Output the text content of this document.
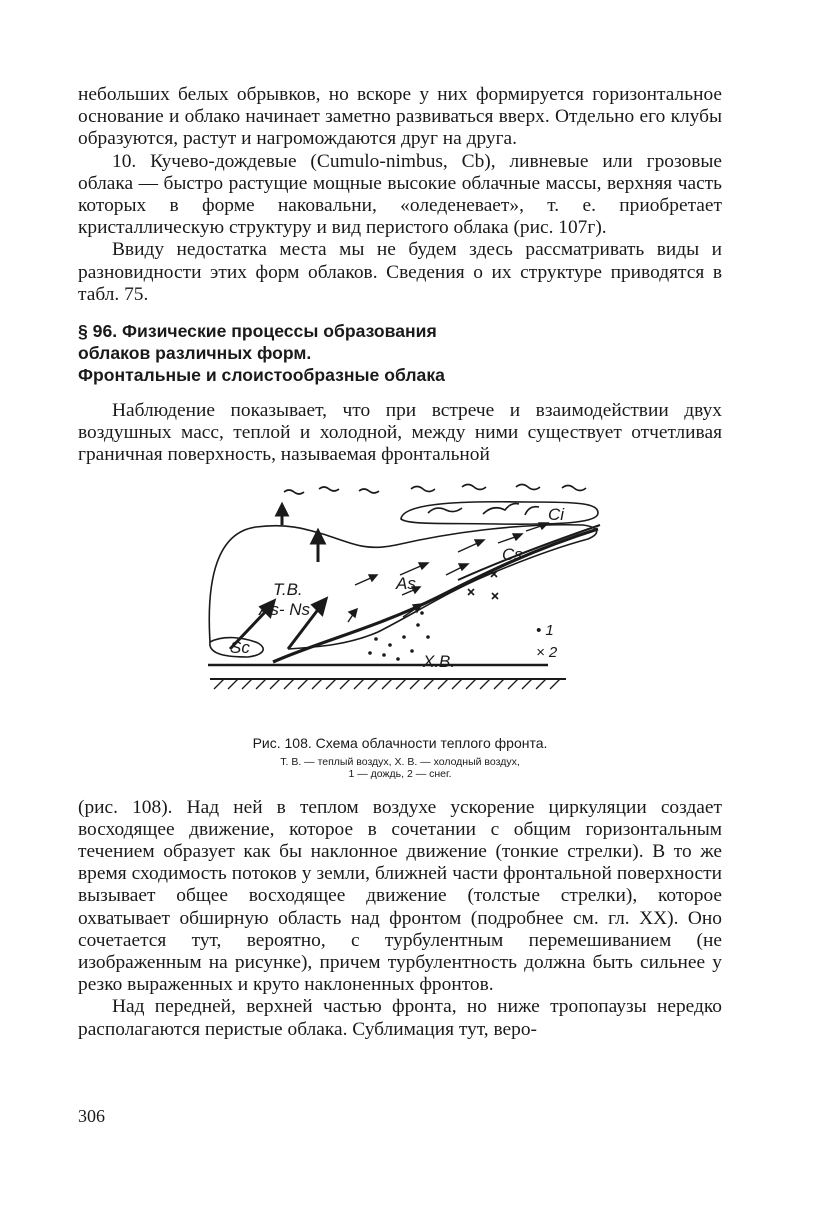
небольших белых обрывков, но вскоре у них формируется горизонтальное основание и облако начинает заметно развиваться вверх. Отдельно его клубы образуются, растут и нагромождаются друг на друга.

10. Кучево-дождевые (Cumulo-nimbus, Cb), ливневые или грозовые облака — быстро растущие мощные высокие облачные массы, верхняя часть которых в форме наковальни, «оледеневает», т. е. приобретает кристаллическую структуру и вид перистого облака (рис. 107г).

Ввиду недостатка места мы не будем здесь рассматривать виды и разновидности этих форм облаков. Сведения о их структуре приводятся в табл. 75.

§ 96. Физические процессы образования
облаков различных форм.
Фронтальные и слоистообразные облака

Наблюдение показывает, что при встрече и взаимодействии двух воздушных масс, теплой и холодной, между ними существует отчетливая граничная поверхность, называемая фронтальной

Ci
Cs
As
Т.В.
As- Ns
Sc
Х.В.
• 1
× 2
Рис. 108. Схема облачности теплого фронта.
Т. В. — теплый воздух, Х. В. — холодный воздух,
1 — дождь, 2 — снег.

(рис. 108). Над ней в теплом воздухе ускорение циркуляции создает восходящее движение, которое в сочетании с общим горизонтальным течением образует как бы наклонное движение (тонкие стрелки). В то же время сходимость потоков у земли, ближней части фронтальной поверхности вызывает общее восходящее движение (толстые стрелки), которое охватывает обширную область над фронтом (подробнее см. гл. XX). Оно сочетается тут, вероятно, с турбулентным перемешиванием (не изображенным на рисунке), причем турбулентность должна быть сильнее у резко выраженных и круто наклоненных фронтов.

Над передней, верхней частью фронта, но ниже тропопаузы нередко располагаются перистые облака. Сублимация тут, веро-

306
